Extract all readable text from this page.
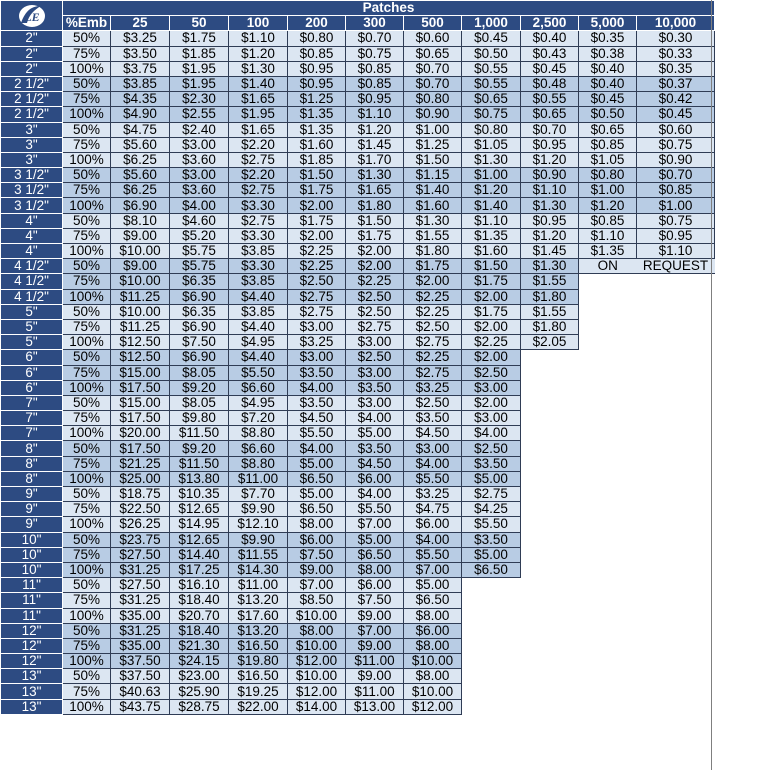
LE	Patches										
	%Emb	25	50	100	200	300	500	1,000	2,500	5,000	10,000
2"	50%	$3.25	$1.75	$1.10	$0.80	$0.70	$0.60	$0.45	$0.40	$0.35	$0.30
2"	75%	$3.50	$1.85	$1.20	$0.85	$0.75	$0.65	$0.50	$0.43	$0.38	$0.33
2"	100%	$3.75	$1.95	$1.30	$0.95	$0.85	$0.70	$0.55	$0.45	$0.40	$0.35
2 1/2"	50%	$3.85	$1.95	$1.40	$0.95	$0.85	$0.70	$0.55	$0.48	$0.40	$0.37
2 1/2"	75%	$4.35	$2.30	$1.65	$1.25	$0.95	$0.80	$0.65	$0.55	$0.45	$0.42
2 1/2"	100%	$4.90	$2.55	$1.95	$1.35	$1.10	$0.90	$0.75	$0.65	$0.50	$0.45
3"	50%	$4.75	$2.40	$1.65	$1.35	$1.20	$1.00	$0.80	$0.70	$0.65	$0.60
3"	75%	$5.60	$3.00	$2.20	$1.60	$1.45	$1.25	$1.05	$0.95	$0.85	$0.75
3"	100%	$6.25	$3.60	$2.75	$1.85	$1.70	$1.50	$1.30	$1.20	$1.05	$0.90
3 1/2"	50%	$5.60	$3.00	$2.20	$1.50	$1.30	$1.15	$1.00	$0.90	$0.80	$0.70
3 1/2"	75%	$6.25	$3.60	$2.75	$1.75	$1.65	$1.40	$1.20	$1.10	$1.00	$0.85
3 1/2"	100%	$6.90	$4.00	$3.30	$2.00	$1.80	$1.60	$1.40	$1.30	$1.20	$1.00
4"	50%	$8.10	$4.60	$2.75	$1.75	$1.50	$1.30	$1.10	$0.95	$0.85	$0.75
4"	75%	$9.00	$5.20	$3.30	$2.00	$1.75	$1.55	$1.35	$1.20	$1.10	$0.95
4"	100%	$10.00	$5.75	$3.85	$2.25	$2.00	$1.80	$1.60	$1.45	$1.35	$1.10
4 1/2"	50%	$9.00	$5.75	$3.30	$2.25	$2.00	$1.75	$1.50	$1.30	ON	REQUEST
4 1/2"	75%	$10.00	$6.35	$3.85	$2.50	$2.25	$2.00	$1.75	$1.55		
4 1/2"	100%	$11.25	$6.90	$4.40	$2.75	$2.50	$2.25	$2.00	$1.80		
5"	50%	$10.00	$6.35	$3.85	$2.75	$2.50	$2.25	$1.75	$1.55		
5"	75%	$11.25	$6.90	$4.40	$3.00	$2.75	$2.50	$2.00	$1.80		
5"	100%	$12.50	$7.50	$4.95	$3.25	$3.00	$2.75	$2.25	$2.05		
6"	50%	$12.50	$6.90	$4.40	$3.00	$2.50	$2.25	$2.00			
6"	75%	$15.00	$8.05	$5.50	$3.50	$3.00	$2.75	$2.50			
6"	100%	$17.50	$9.20	$6.60	$4.00	$3.50	$3.25	$3.00			
7"	50%	$15.00	$8.05	$4.95	$3.50	$3.00	$2.50	$2.00			
7"	75%	$17.50	$9.80	$7.20	$4.50	$4.00	$3.50	$3.00			
7"	100%	$20.00	$11.50	$8.80	$5.50	$5.00	$4.50	$4.00			
8"	50%	$17.50	$9.20	$6.60	$4.00	$3.50	$3.00	$2.50			
8"	75%	$21.25	$11.50	$8.80	$5.00	$4.50	$4.00	$3.50			
8"	100%	$25.00	$13.80	$11.00	$6.50	$6.00	$5.50	$5.00			
9"	50%	$18.75	$10.35	$7.70	$5.00	$4.00	$3.25	$2.75			
9"	75%	$22.50	$12.65	$9.90	$6.50	$5.50	$4.75	$4.25			
9"	100%	$26.25	$14.95	$12.10	$8.00	$7.00	$6.00	$5.50			
10"	50%	$23.75	$12.65	$9.90	$6.00	$5.00	$4.00	$3.50			
10"	75%	$27.50	$14.40	$11.55	$7.50	$6.50	$5.50	$5.00			
10"	100%	$31.25	$17.25	$14.30	$9.00	$8.00	$7.00	$6.50			
11"	50%	$27.50	$16.10	$11.00	$7.00	$6.00	$5.00				
11"	75%	$31.25	$18.40	$13.20	$8.50	$7.50	$6.50				
11"	100%	$35.00	$20.70	$17.60	$10.00	$9.00	$8.00				
12"	50%	$31.25	$18.40	$13.20	$8.00	$7.00	$6.00				
12"	75%	$35.00	$21.30	$16.50	$10.00	$9.00	$8.00				
12"	100%	$37.50	$24.15	$19.80	$12.00	$11.00	$10.00				
13"	50%	$37.50	$23.00	$16.50	$10.00	$9.00	$8.00				
13"	75%	$40.63	$25.90	$19.25	$12.00	$11.00	$10.00				
13"	100%	$43.75	$28.75	$22.00	$14.00	$13.00	$12.00				
